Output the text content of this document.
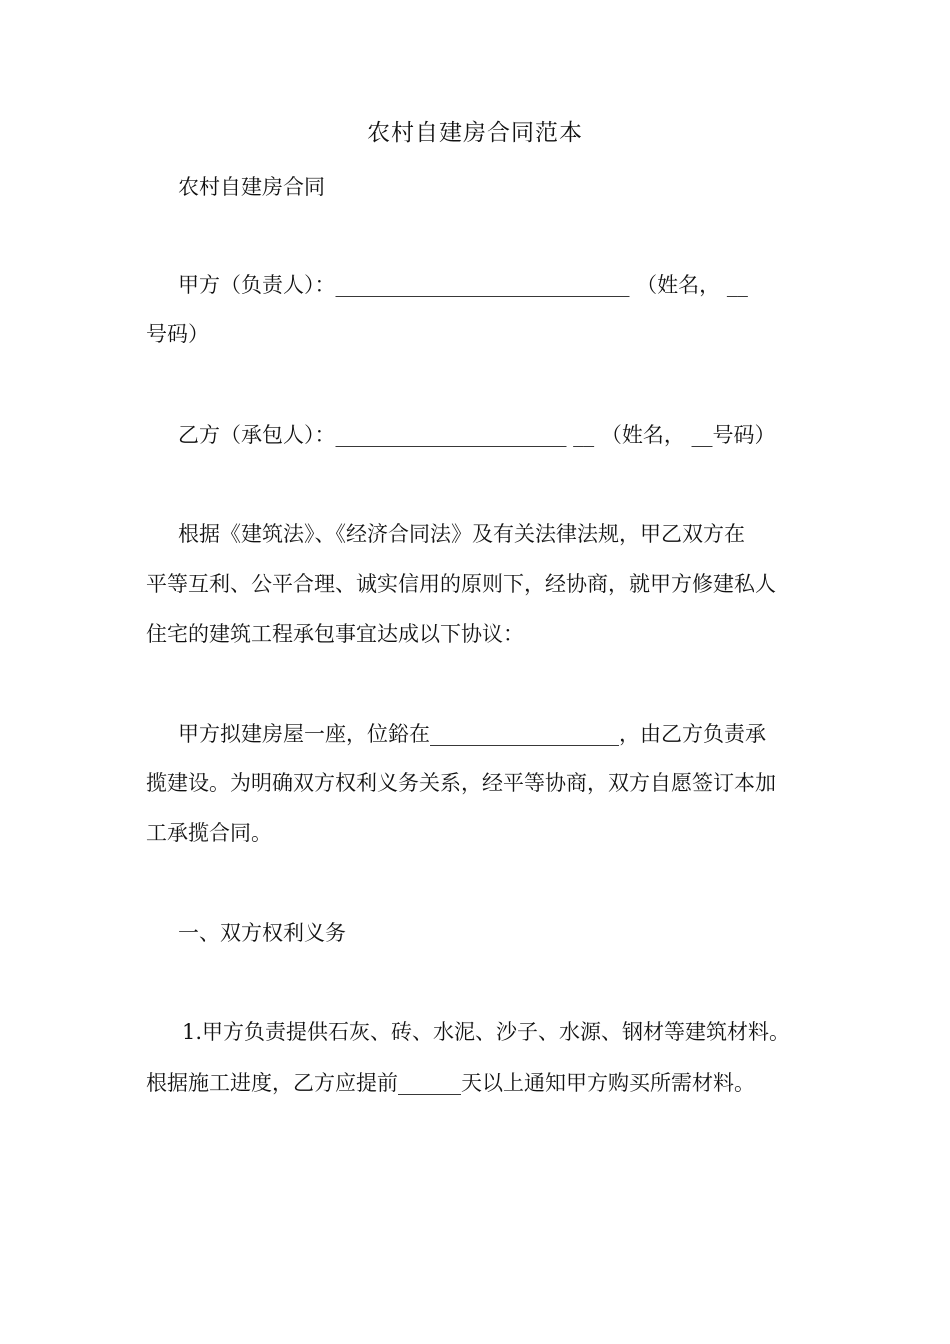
农村自建房合同范本
农村自建房合同
甲方（负责人）：____________________________ （姓名， __
号码）
乙方（承包人）：______________________ __ （姓名， __号码）
根据《建筑法》、《经济合同法》及有关法律法规，甲乙双方在
平等互利、公平合理、诚实信用的原则下，经协商，就甲方修建私人
住宅的建筑工程承包事宜达成以下协议：
甲方拟建房屋一座，位鋊在__________________，由乙方负责承
揽建设。为明确双方权利义务关系，经平等协商，双方自愿签订本加
工承揽合同。
一、双方权利义务
1.甲方负责提供石灰、砖、水泥、沙子、水源、钢材等建筑材料。
根据施工进度，乙方应提前______天以上通知甲方购买所需材料。
